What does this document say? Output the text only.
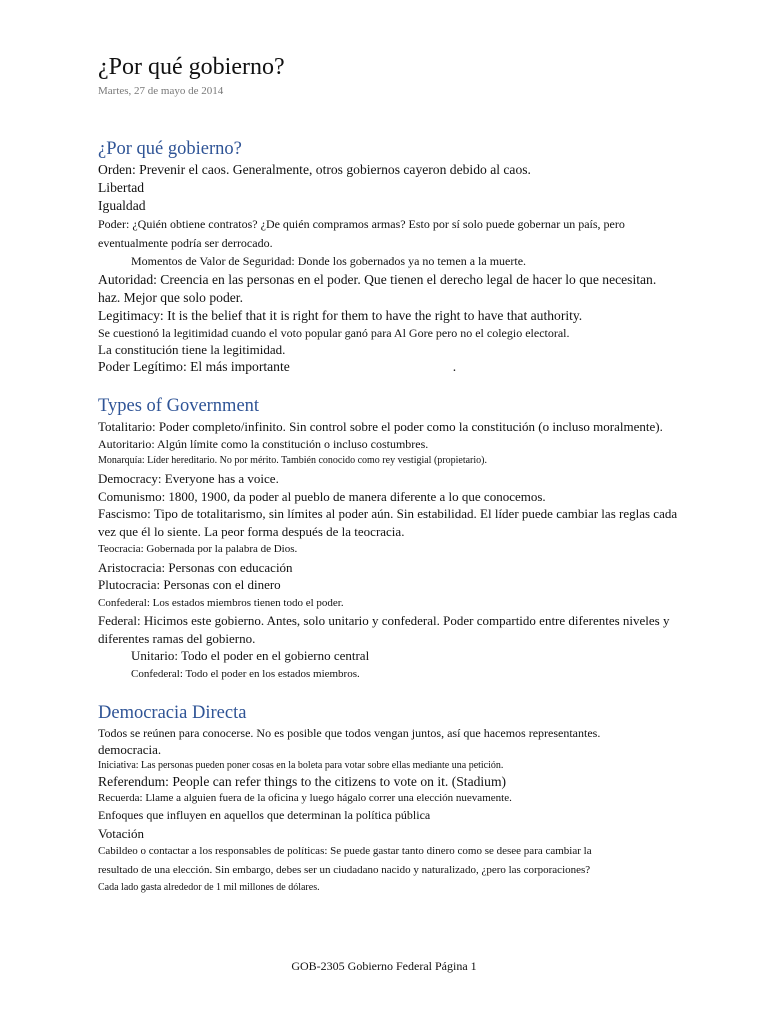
¿Por qué gobierno?
Martes, 27 de mayo de 2014
¿Por qué gobierno?
Orden: Prevenir el caos. Generalmente, otros gobiernos cayeron debido al caos.
Libertad
Igualdad
Poder: ¿Quién obtiene contratos? ¿De quién compramos armas? Esto por sí solo puede gobernar un país, pero
eventualmente podría ser derrocado.
Momentos de Valor de Seguridad: Donde los gobernados ya no temen a la muerte.
Autoridad: Creencia en las personas en el poder. Que tienen el derecho legal de hacer lo que necesitan.
haz. Mejor que solo poder.
Legitimacy: It is the belief that it is right for them to have the right to have that authority.
Se cuestionó la legitimidad cuando el voto popular ganó para Al Gore pero no el colegio electoral.
La constitución tiene la legitimidad.
Poder Legítimo: El más importante	.
Types of Government
Totalitario: Poder completo/infinito. Sin control sobre el poder como la constitución (o incluso moralmente).
Autoritario: Algún límite como la constitución o incluso costumbres.
Monarquía: Líder hereditario. No por mérito. También conocido como rey vestigial (propietario).
Democracy: Everyone has a voice.
Comunismo: 1800, 1900, da poder al pueblo de manera diferente a lo que conocemos.
Fascismo: Tipo de totalitarismo, sin límites al poder aún. Sin estabilidad. El líder puede cambiar las reglas cada vez que él lo siente. La peor forma después de la teocracia.
Teocracia: Gobernada por la palabra de Dios.
Aristocracia: Personas con educación
Plutocracia: Personas con el dinero
Confederal: Los estados miembros tienen todo el poder.
Federal: Hicimos este gobierno. Antes, solo unitario y confederal. Poder compartido entre diferentes niveles y diferentes ramas del gobierno.
Unitario: Todo el poder en el gobierno central
Confederal: Todo el poder en los estados miembros.
Democracia Directa
Todos se reúnen para conocerse. No es posible que todos vengan juntos, así que hacemos representantes.
democracia.
Iniciativa: Las personas pueden poner cosas en la boleta para votar sobre ellas mediante una petición.
Referendum: People can refer things to the citizens to vote on it. (Stadium)
Recuerda: Llame a alguien fuera de la oficina y luego hágalo correr una elección nuevamente.
Enfoques que influyen en aquellos que determinan la política pública
Votación
Cabildeo o contactar a los responsables de políticas: Se puede gastar tanto dinero como se desee para cambiar la
resultado de una elección. Sin embargo, debes ser un ciudadano nacido y naturalizado, ¿pero las corporaciones?
Cada lado gasta alrededor de 1 mil millones de dólares.
GOB-2305 Gobierno Federal Página 1
